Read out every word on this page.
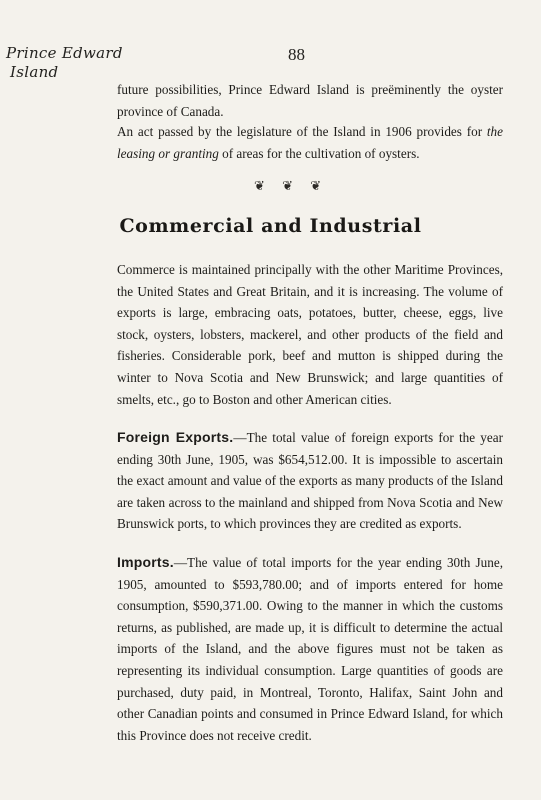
Prince Edward
Island
88

future possibilities, Prince Edward Island is preëminently the oyster province of Canada.

An act passed by the legislature of the Island in 1906 provides for the leasing or granting of areas for the cultivation of oysters.

❦ ❦ ❦
Commercial and Industrial

Commerce is maintained principally with the other Maritime Provinces, the United States and Great Britain, and it is increasing. The volume of exports is large, embracing oats, potatoes, butter, cheese, eggs, live stock, oysters, lobsters, mackerel, and other products of the field and fisheries. Considerable pork, beef and mutton is shipped during the winter to Nova Scotia and New Brunswick; and large quantities of smelts, etc., go to Boston and other American cities.

Foreign Exports.—The total value of foreign exports for the year ending 30th June, 1905, was $654,512.00. It is impossible to ascertain the exact amount and value of the exports as many products of the Island are taken across to the mainland and shipped from Nova Scotia and New Brunswick ports, to which provinces they are credited as exports.

Imports.—The value of total imports for the year ending 30th June, 1905, amounted to $593,780.00; and of imports entered for home consumption, $590,371.00. Owing to the manner in which the customs returns, as published, are made up, it is difficult to determine the actual imports of the Island, and the above figures must not be taken as representing its individual consumption. Large quantities of goods are purchased, duty paid, in Montreal, Toronto, Halifax, Saint John and other Canadian points and consumed in Prince Edward Island, for which this Province does not receive credit.
